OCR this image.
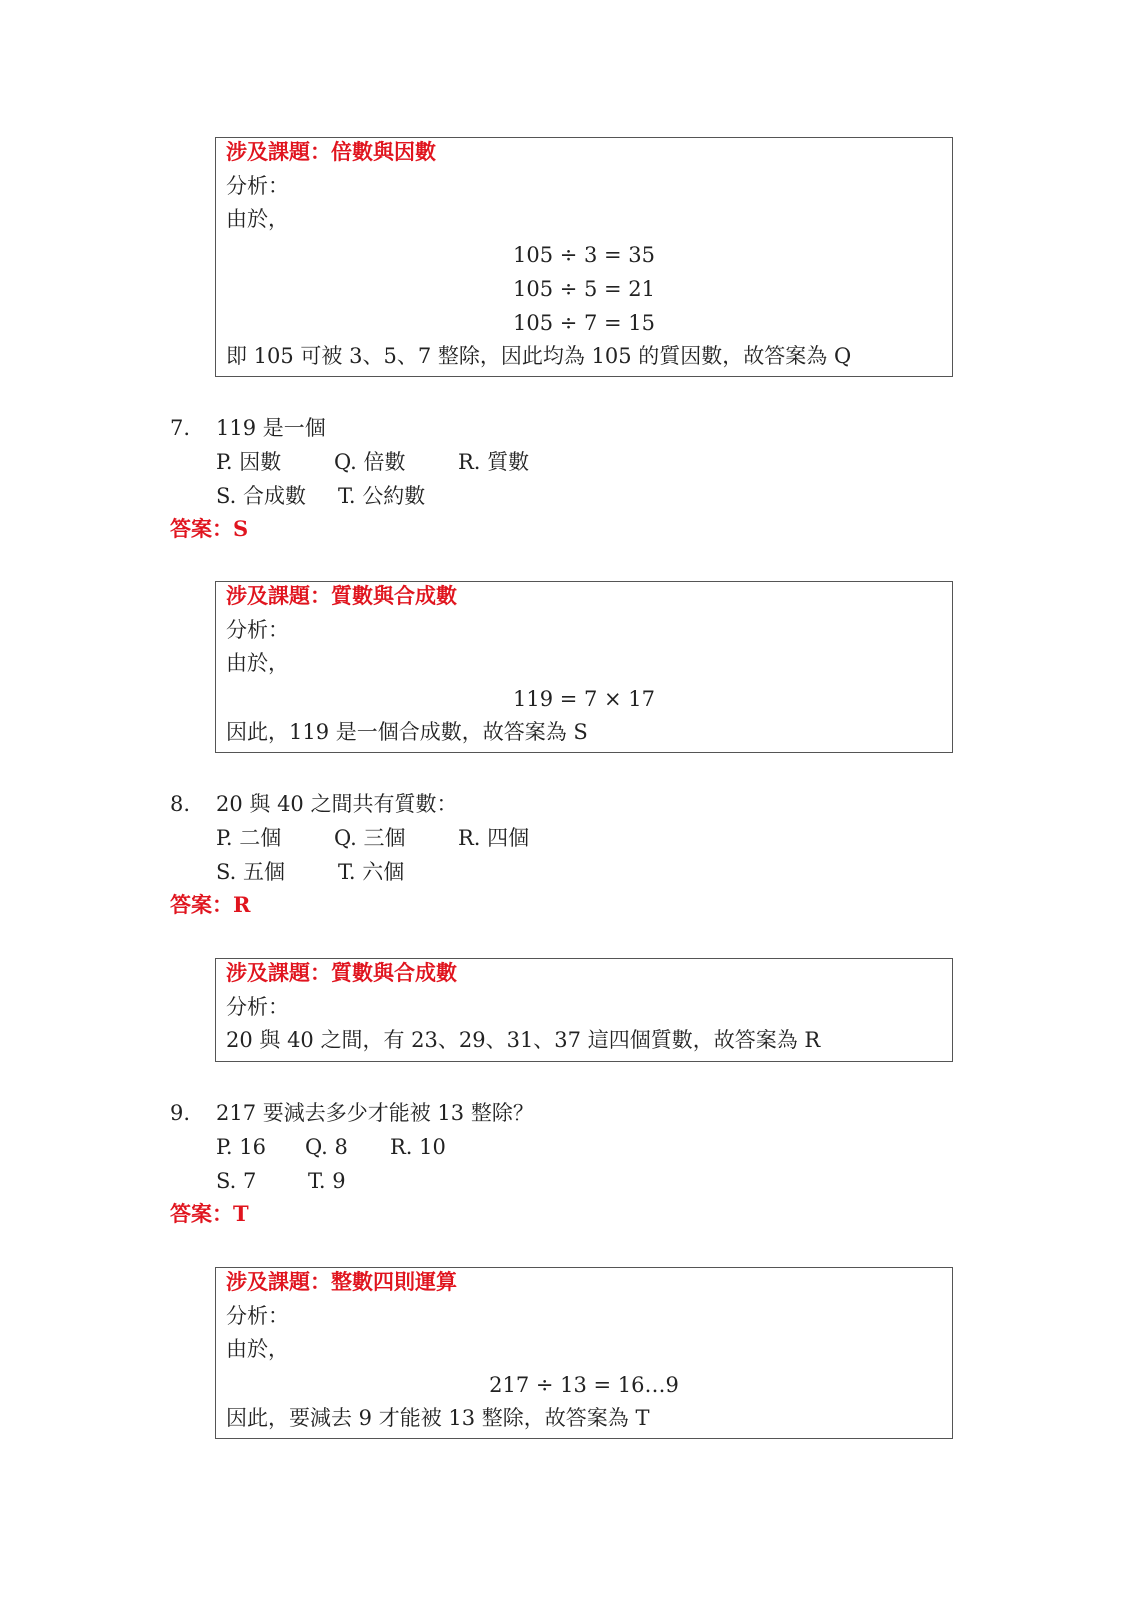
涉及課題：倍數與因數
分析：
由於，
105 ÷ 3 = 35
105 ÷ 5 = 21
105 ÷ 7 = 15
即 105 可被 3、5、7 整除，因此均為 105 的質因數，故答案為 Q
7. 119 是一個
P. 因數	Q. 倍數 R. 質數
S. 合成數 T. 公約數
答案：S
涉及課題：質數與合成數
分析：
由於，
119 = 7 × 17
因此，119 是一個合成數，故答案為 S
8. 20 與 40 之間共有質數：
P. 二個	Q. 三個 R. 四個
S. 五個	T. 六個
答案：R
涉及課題：質數與合成數
分析：
20 與 40 之間，有 23、29、31、37 這四個質數，故答案為 R
9. 217 要減去多少才能被 13 整除？
P. 16 Q. 8 R. 10
S. 7 T. 9
答案：T
涉及課題：整數四則運算
分析：
由於，
217 ÷ 13 = 16…9
因此，要減去 9 才能被 13 整除，故答案為 T
